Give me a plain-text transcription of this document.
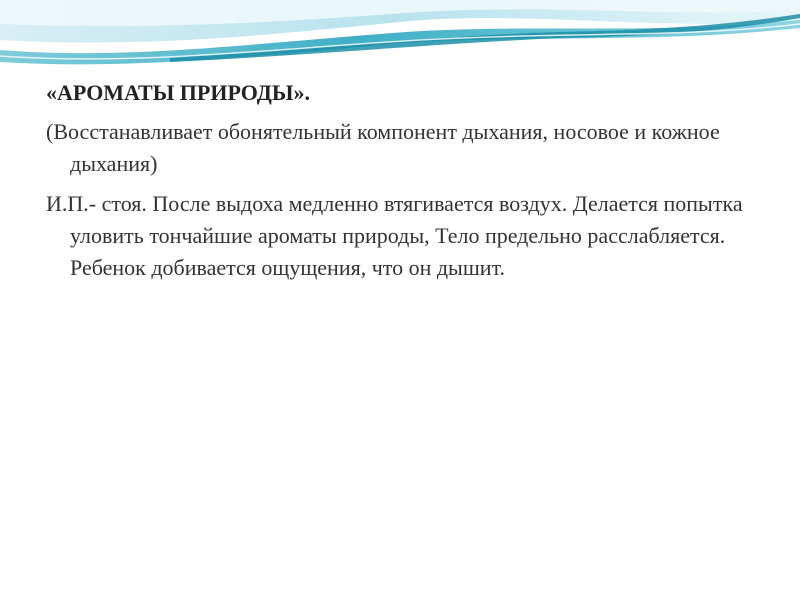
«АРОМАТЫ ПРИРОДЫ».

(Восстанавливает обонятельный компонент дыхания, носовое и кожное дыхания)

И.П.- стоя. После выдоха медленно втягивается воздух. Делается попытка уловить тончайшие ароматы природы, Тело предельно расслабляется. Ребенок добивается ощущения, что он дышит.
